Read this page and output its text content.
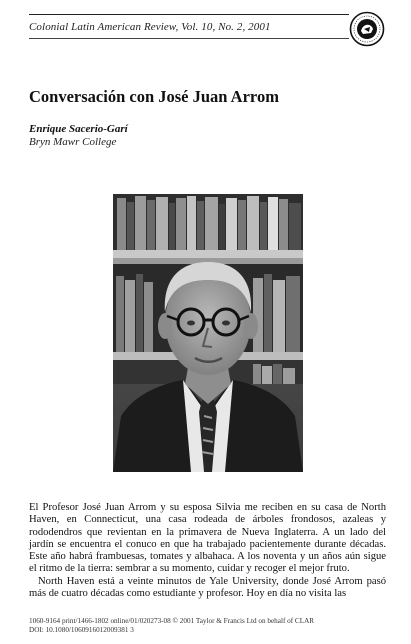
Colonial Latin American Review, Vol. 10, No. 2, 2001
Conversación con José Juan Arrom
Enrique Sacerio-Garí
Bryn Mawr College

El Profesor José Juan Arrom y su esposa Silvia me reciben en su casa de North Haven, en Connecticut, una casa rodeada de árboles frondosos, azaleas y rododendros que revientan en la primavera de Nueva Inglaterra. A un lado del jardín se encuentra el conuco en que ha trabajado pacientemente durante décadas. Este año habrá frambuesas, tomates y albahaca. A los noventa y un años aún sigue el ritmo de la tierra: sembrar a su momento, cuidar y recoger el mejor fruto.

North Haven está a veinte minutos de Yale University, donde José Arrom pasó más de cuatro décadas como estudiante y profesor. Hoy en día no visita las

1060-9164 print/1466-1802 online/01/020273-08 © 2001 Taylor & Francis Ltd on behalf of CLAR
DOI: 10.1080/1060916012009381 3
